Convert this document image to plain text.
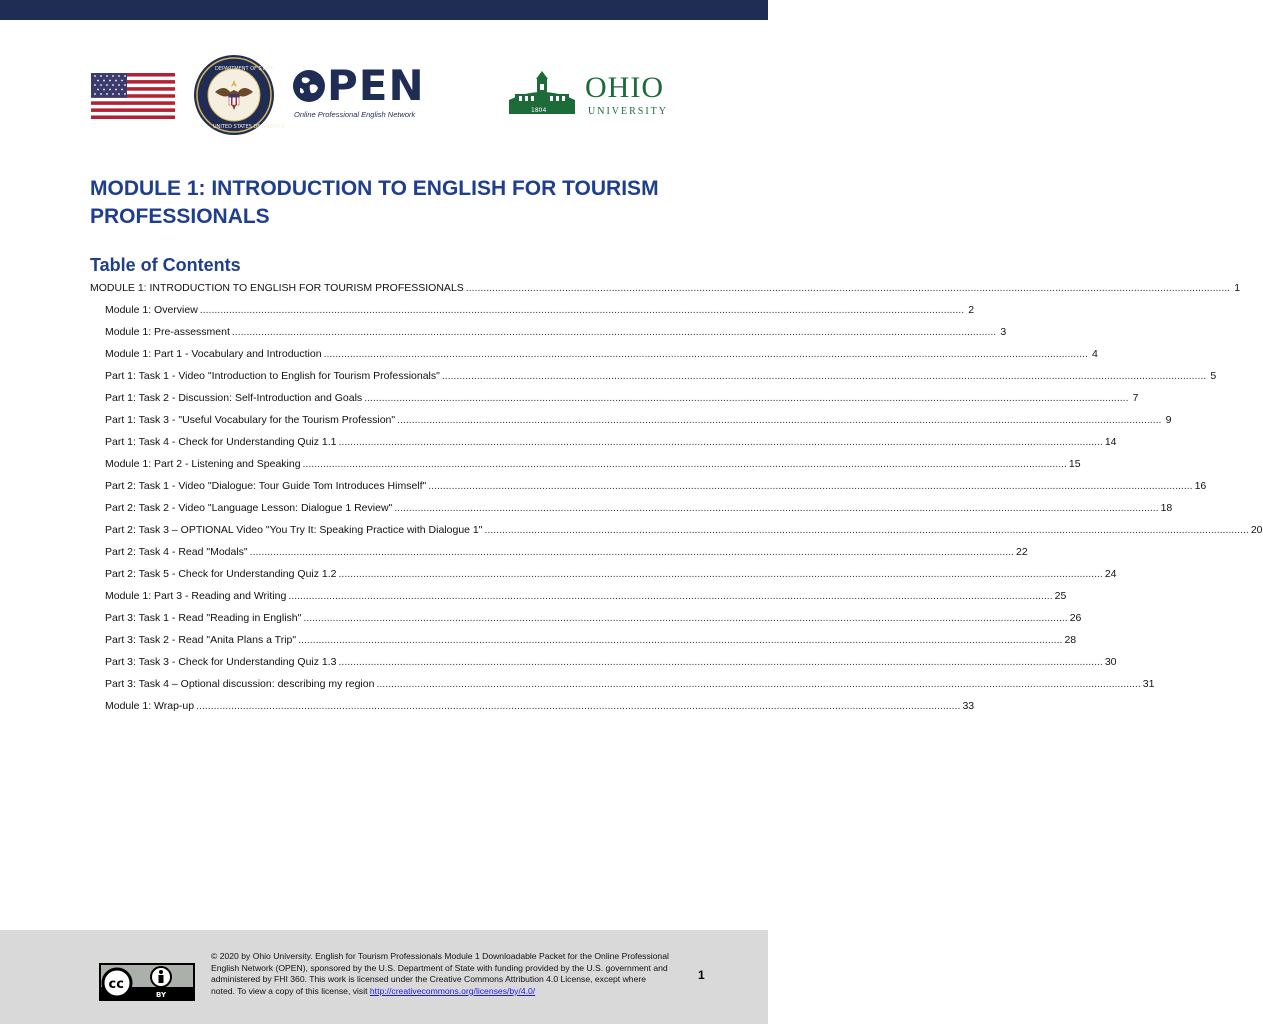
DEPARTMENT OF STATE
UNITED STATES OF AMERICA
PEN
Online Professional English Network	1804
OHIO
UNIVERSITY
MODULE 1: INTRODUCTION TO ENGLISH FOR TOURISM PROFESSIONALS
Table of Contents
MODULE 1: INTRODUCTION TO ENGLISH FOR TOURISM PROFESSIONALS .....	1
Module 1: Overview .....	2
Module 1: Pre-assessment .....	3
Module 1: Part 1 - Vocabulary and Introduction .....	4
Part 1: Task 1 - Video "Introduction to English for Tourism Professionals" .....	5
Part 1: Task 2 - Discussion: Self-Introduction and Goals .....	7
Part 1: Task 3 - "Useful Vocabulary for the Tourism Profession" .....	9
Part 1: Task 4 - Check for Understanding Quiz 1.1 .....	14
Module 1: Part 2 - Listening and Speaking .....	15
Part 2: Task 1 - Video "Dialogue: Tour Guide Tom Introduces Himself" .....	16
Part 2: Task 2 - Video "Language Lesson: Dialogue 1 Review" .....	18
Part 2: Task 3 – OPTIONAL Video "You Try It: Speaking Practice with Dialogue 1" .....	20
Part 2: Task 4 - Read "Modals" .....	22
Part 2: Task 5 - Check for Understanding Quiz 1.2 .....	24
Module 1: Part 3 - Reading and Writing .....	25
Part 3: Task 1 - Read "Reading in English" .....	26
Part 3: Task 2 - Read "Anita Plans a Trip" .....	28
Part 3: Task 3 - Check for Understanding Quiz 1.3 .....	30
Part 3: Task 4 – Optional discussion: describing my region .....	31
Module 1: Wrap-up .....	33
cc
BY
© 2020 by Ohio University. English for Tourism Professionals Module 1 Downloadable Packet for the Online Professional English Network (OPEN), sponsored by the U.S. Department of State with funding provided by the U.S. government and administered by FHI 360. This work is licensed under the Creative Commons Attribution 4.0 License, except where noted. To view a copy of this license, visit http://creativecommons.org/licenses/by/4.0/
1
